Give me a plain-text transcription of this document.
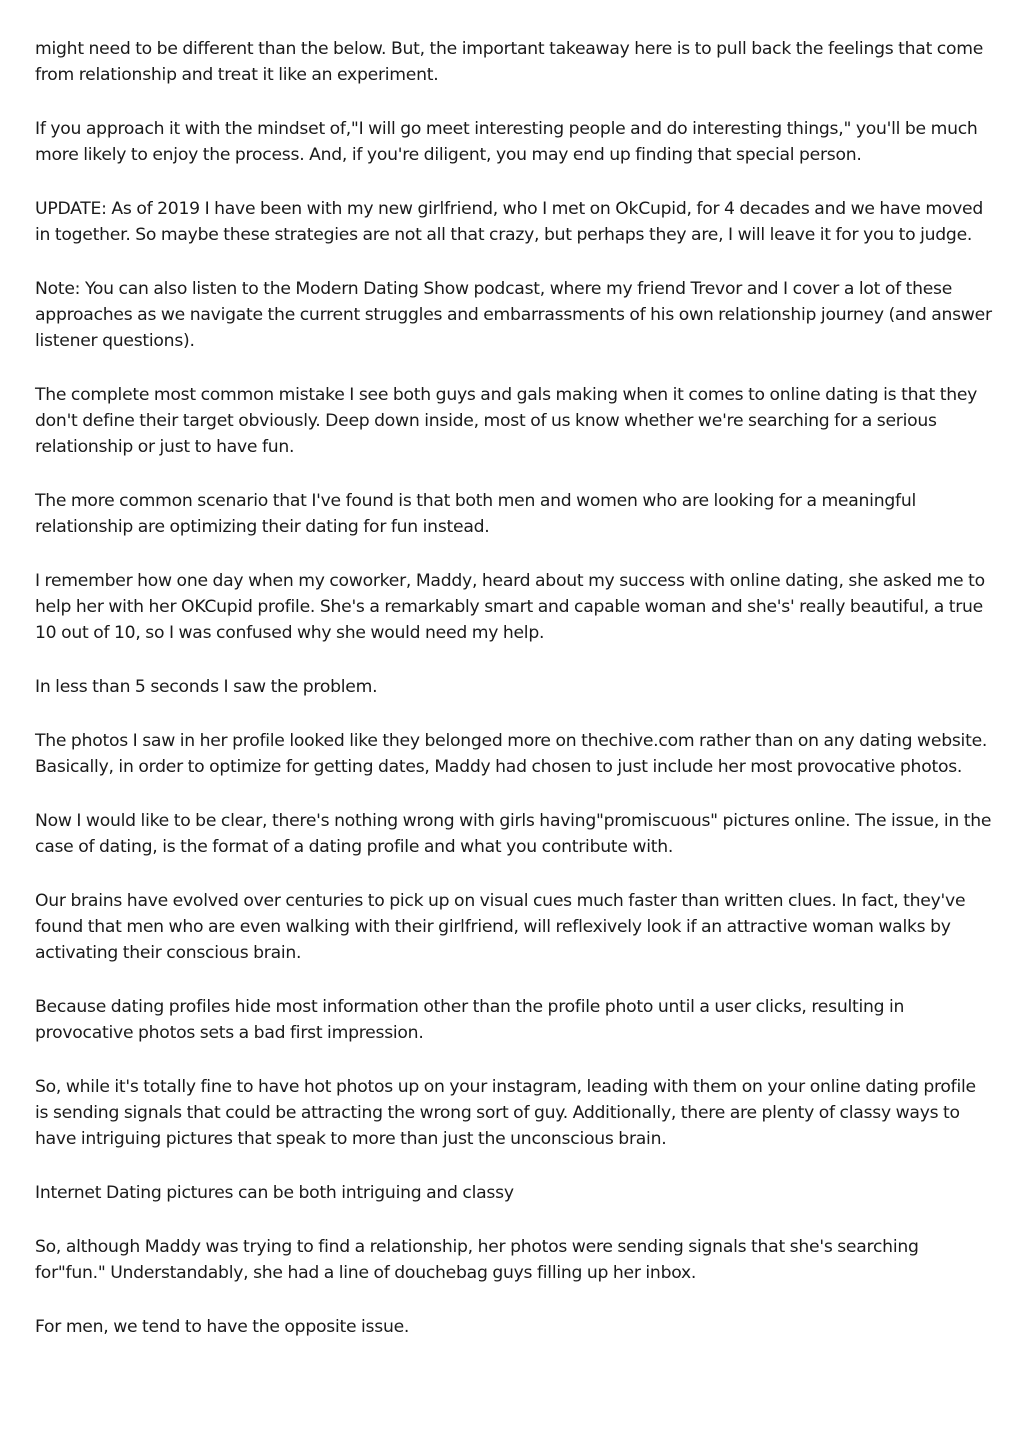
might need to be different than the below. But, the important takeaway here is to pull back the feelings that come from relationship and treat it like an experiment.

If you approach it with the mindset of,"I will go meet interesting people and do interesting things," you'll be much more likely to enjoy the process. And, if you're diligent, you may end up finding that special person.

UPDATE: As of 2019 I have been with my new girlfriend, who I met on OkCupid, for 4 decades and we have moved in together. So maybe these strategies are not all that crazy, but perhaps they are, I will leave it for you to judge.

Note: You can also listen to the Modern Dating Show podcast, where my friend Trevor and I cover a lot of these approaches as we navigate the current struggles and embarrassments of his own relationship journey (and answer listener questions).

The complete most common mistake I see both guys and gals making when it comes to online dating is that they don't define their target obviously. Deep down inside, most of us know whether we're searching for a serious relationship or just to have fun.

The more common scenario that I've found is that both men and women who are looking for a meaningful relationship are optimizing their dating for fun instead.

I remember how one day when my coworker, Maddy, heard about my success with online dating, she asked me to help her with her OKCupid profile. She's a remarkably smart and capable woman and she's' really beautiful, a true 10 out of 10, so I was confused why she would need my help.

In less than 5 seconds I saw the problem.

The photos I saw in her profile looked like they belonged more on thechive.com rather than on any dating website. Basically, in order to optimize for getting dates, Maddy had chosen to just include her most provocative photos.

Now I would like to be clear, there's nothing wrong with girls having"promiscuous" pictures online. The issue, in the case of dating, is the format of a dating profile and what you contribute with.

Our brains have evolved over centuries to pick up on visual cues much faster than written clues. In fact, they've found that men who are even walking with their girlfriend, will reflexively look if an attractive woman walks by activating their conscious brain.

Because dating profiles hide most information other than the profile photo until a user clicks, resulting in provocative photos sets a bad first impression.

So, while it's totally fine to have hot photos up on your instagram, leading with them on your online dating profile is sending signals that could be attracting the wrong sort of guy. Additionally, there are plenty of classy ways to have intriguing pictures that speak to more than just the unconscious brain.

Internet Dating pictures can be both intriguing and classy

So, although Maddy was trying to find a relationship, her photos were sending signals that she's searching for"fun." Understandably, she had a line of douchebag guys filling up her inbox.

For men, we tend to have the opposite issue.
